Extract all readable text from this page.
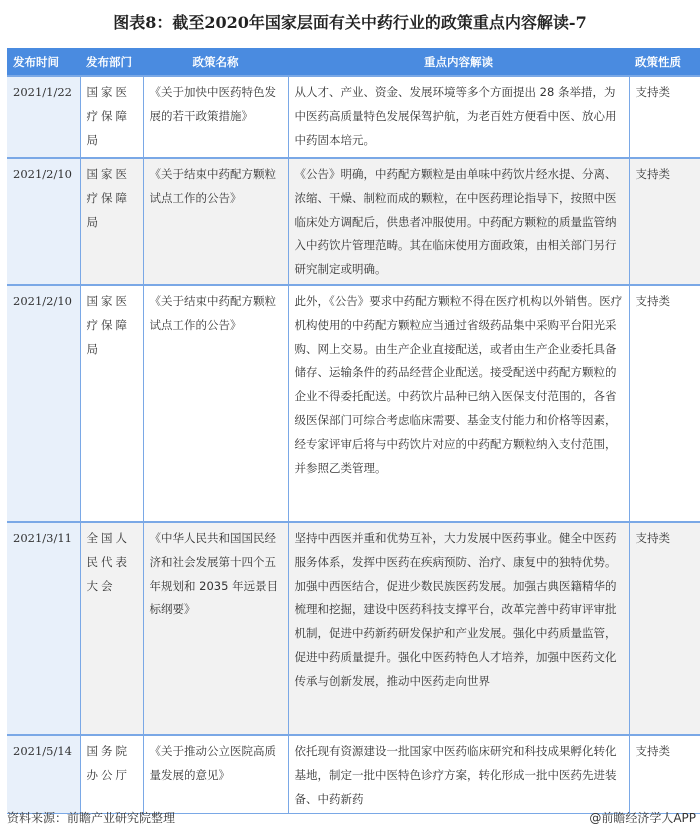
图表8：截至2020年国家层面有关中药行业的政策重点内容解读-7
发布时间	发布部门	政策名称	重点内容解读	政策性质
2021/1/22	国家医疗保障局	《关于加快中医药特色发展的若干政策措施》	从人才、产业、资金、发展环境等多个方面提出 28 条举措，为中医药高质量特色发展保驾护航，为老百姓方便看中医、放心用中药固本培元。	支持类
2021/2/10	国家医疗保障局	《关于结束中药配方颗粒试点工作的公告》	《公告》明确，中药配方颗粒是由单味中药饮片经水提、分离、浓缩、干燥、制粒而成的颗粒，在中医药理论指导下，按照中医临床处方调配后，供患者冲服使用。中药配方颗粒的质量监管纳入中药饮片管理范畴。其在临床使用方面政策，由相关部门另行研究制定或明确。	支持类
2021/2/10	国家医疗保障局	《关于结束中药配方颗粒试点工作的公告》	此外，《公告》要求中药配方颗粒不得在医疗机构以外销售。医疗机构使用的中药配方颗粒应当通过省级药品集中采购平台阳光采购、网上交易。由生产企业直接配送，或者由生产企业委托具备储存、运输条件的药品经营企业配送。接受配送中药配方颗粒的企业不得委托配送。中药饮片品种已纳入医保支付范围的，各省级医保部门可综合考虑临床需要、基金支付能力和价格等因素，经专家评审后将与中药饮片对应的中药配方颗粒纳入支付范围，并参照乙类管理。	支持类
2021/3/11	全国人民代表大会	《中华人民共和国国民经济和社会发展第十四个五年规划和 2035 年远景目标纲要》	坚持中西医并重和优势互补，大力发展中医药事业。健全中医药服务体系，发挥中医药在疾病预防、治疗、康复中的独特优势。加强中西医结合，促进少数民族医药发展。加强古典医籍精华的梳理和挖掘，建设中医药科技支撑平台，改革完善中药审评审批机制，促进中药新药研发保护和产业发展。强化中药质量监管，促进中药质量提升。强化中医药特色人才培养，加强中医药文化传承与创新发展，推动中医药走向世界	支持类
2021/5/14	国务院办公厅	《关于推动公立医院高质量发展的意见》	依托现有资源建设一批国家中医药临床研究和科技成果孵化转化基地，制定一批中医特色诊疗方案，转化形成一批中医药先进装备、中药新药	支持类
资料来源：前瞻产业研究院整理	@前瞻经济学人APP
